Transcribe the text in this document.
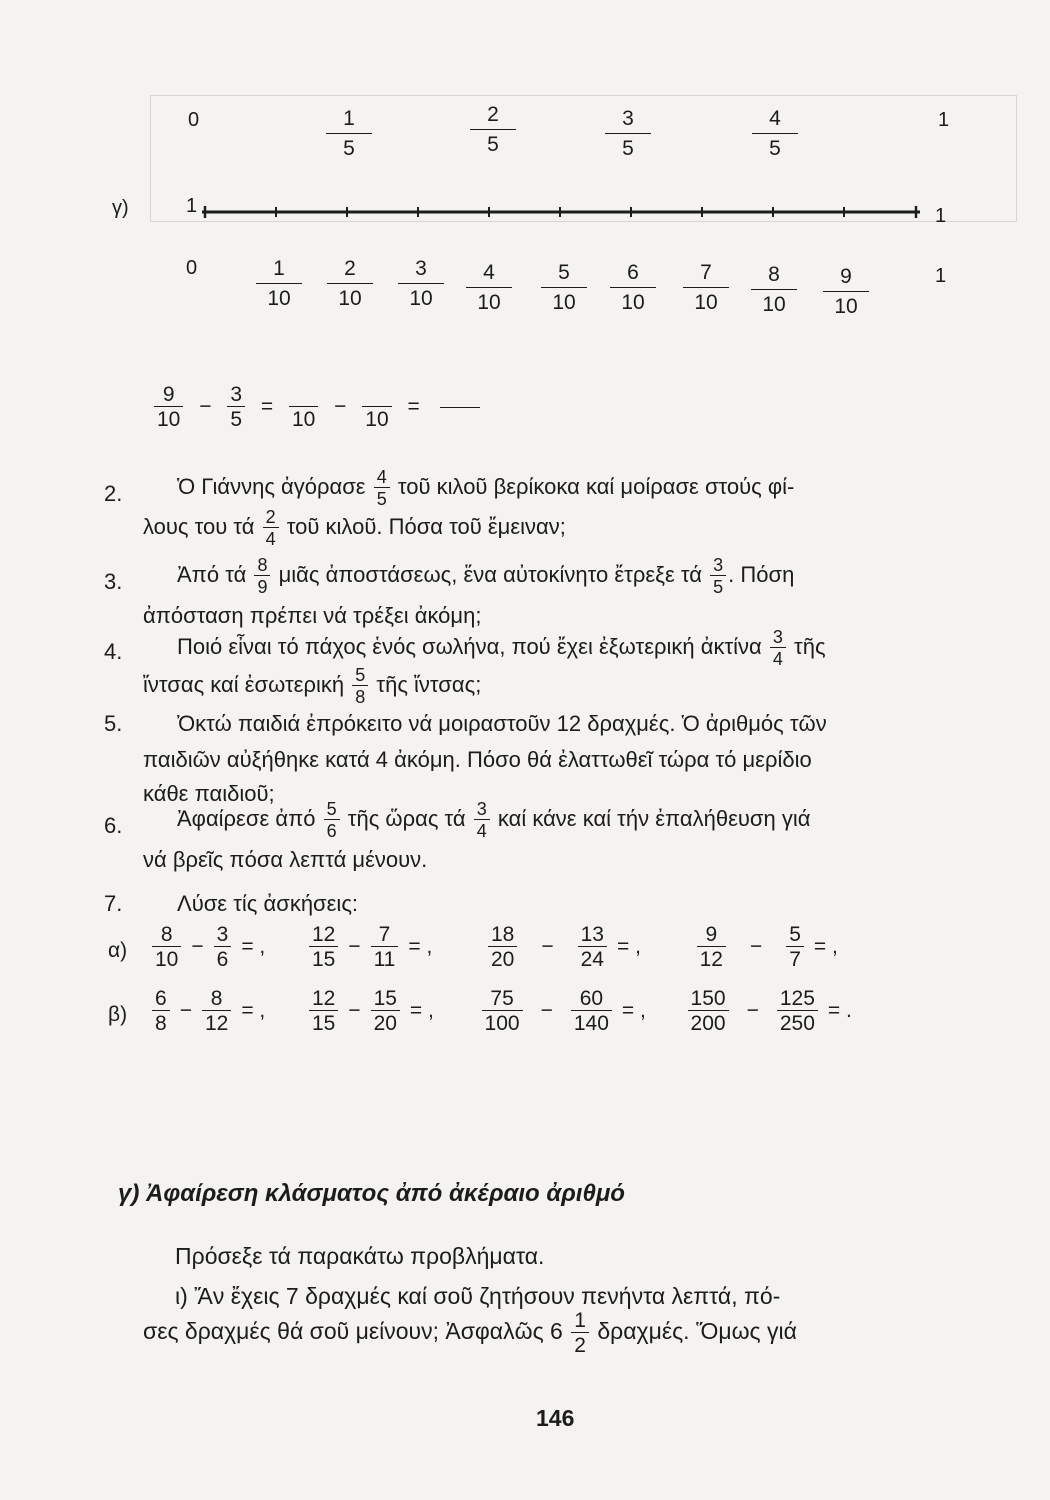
γ)
0	1
1
5
2
5
3
5
4
5
1	1
0	1
1
10
2
10
3
10
4
10
5
10
6
10
7
10
8
10
9
10
$\frac{9}{10} - \frac{3}{5}$ =

10
−

10
=
2. Ὁ Γιάννης ἀγόρασε $\frac{4}{5}$ τοῦ κιλοῦ βερίκοκα καί μοίρασε στούς φί-
λους του τά $\frac{2}{4}$ τοῦ κιλοῦ. Πόσα τοῦ ἔμειναν;
3. Ἀπό τά $\frac{8}{9}$ μιᾶς ἀποστάσεως, ἕνα αὐτοκίνητο ἔτρεξε τά $\frac{3}{5}$ . Πόση
ἀπόσταση πρέπει νά τρέξει ἀκόμη;
4. Ποιό εἶναι τό πάχος ἑνός σωλήνα, πού ἔχει ἐξωτερική ἀκτίνα $\frac{3}{4}$ τῆς
ἴντσας καί ἐσωτερική $\frac{5}{8}$ τῆς ἴντσας;
5. Ὀκτώ παιδιά ἐπρόκειτο νά μοιραστοῦν 12 δραχμές. Ὁ ἀριθμός τῶν
παιδιῶν αὐξήθηκε κατά 4 ἀκόμη. Πόσο θά ἐλαττωθεῖ τώρα τό μερίδιο
κάθε παιδιοῦ;
6. Ἀφαίρεσε ἀπό $\frac{5}{6}$ τῆς ὥρας τά $\frac{3}{4}$ καί κάνε καί τήν ἐπαλήθευση γιά
νά βρεῖς πόσα λεπτά μένουν.
7. Λύσε τίς ἀσκήσεις:
$\alpha) \frac{8}{10} - \frac{3}{6}$ = , $\frac{12}{15} - \frac{7}{11}$ = ,	$\frac{18}{20} - \frac{13}{24}$ = ,	$\frac{9}{12} - \frac{5}{7}$ = ,
$\beta) \frac{6}{8} - \frac{8}{12}$ = , $\frac{12}{15} - \frac{15}{20}$ = , $\frac{75}{100} - \frac{60}{140}$ = , $\frac{150}{200} - \frac{125}{250}$ = .
γ) Ἀφαίρεση κλάσματος ἀπό ἀκέραιο ἀριθμό
Πρόσεξε τά παρακάτω προβλήματα.
ι) Ἄν ἔχεις 7 δραχμές καί σοῦ ζητήσουν πενήντα λεπτά, πό-
σες δραχμές θά σοῦ μείνουν; Ἀσφαλῶς $6 \frac{1}{2} \delta\rho\alpha\chi\mu έ\varsigma$. Ὅμως γιά
146
